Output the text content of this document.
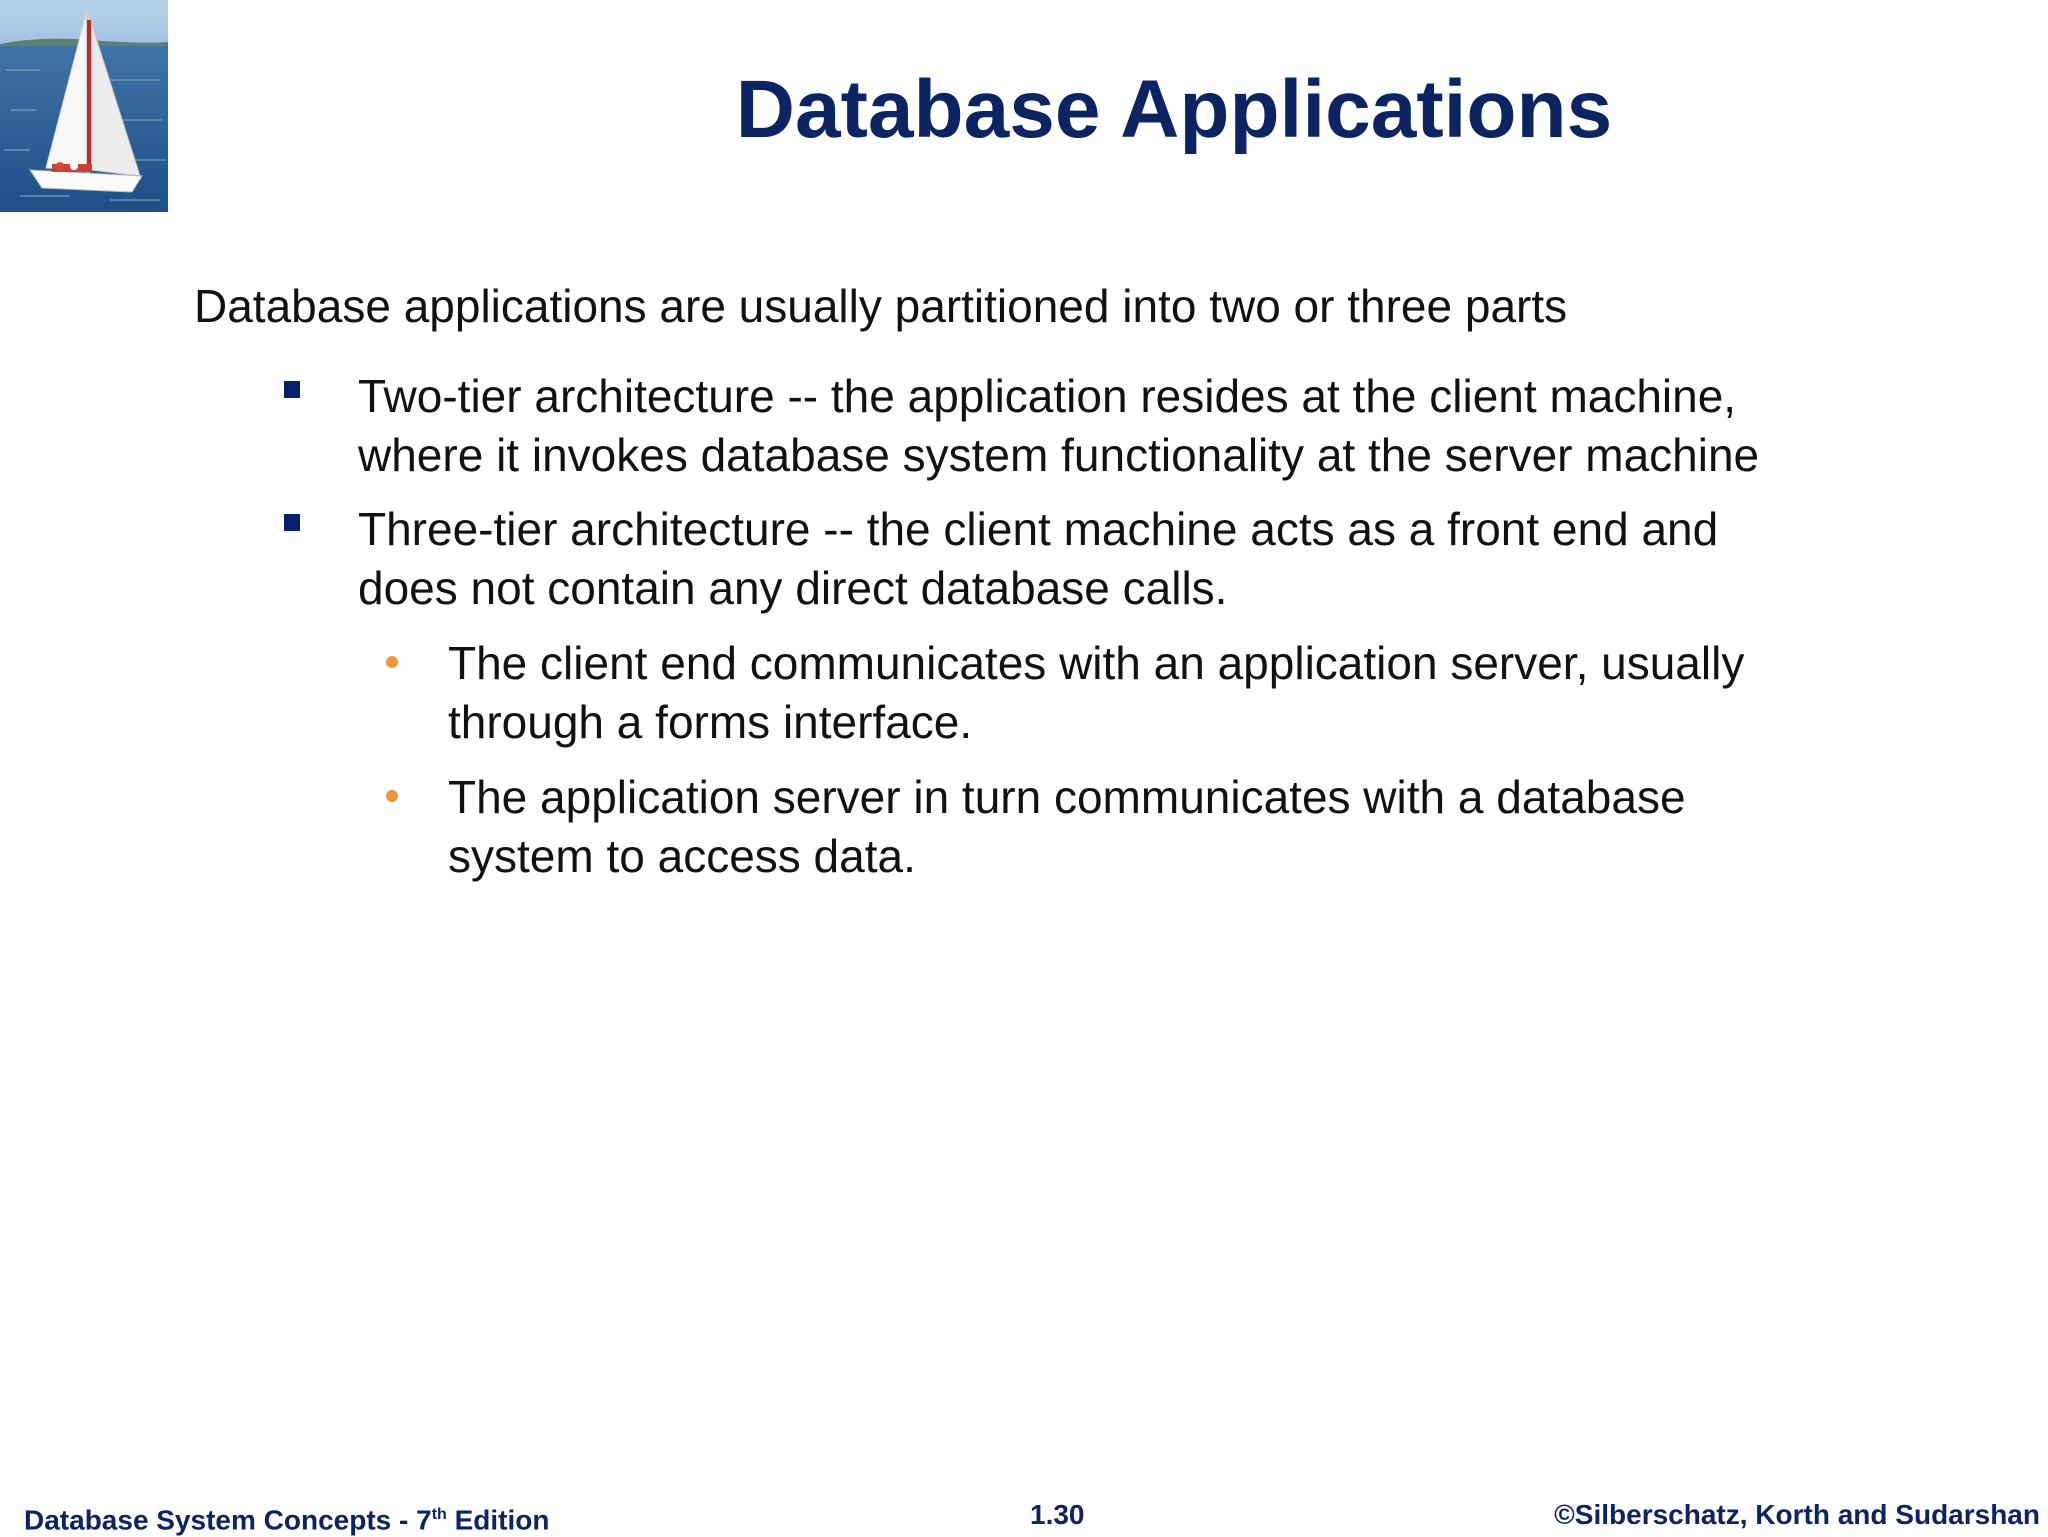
Database Applications
Database applications are usually partitioned into two or three parts
Two-tier architecture -- the application resides at the client machine,
where it invokes database system functionality at the server machine
Three-tier architecture -- the client machine acts as a front end and
does not contain any direct database calls.
The client end communicates with an application server, usually
through a forms interface.
The application server in turn communicates with a database
system to access data.
Database System Concepts - 7th Edition	1.30	©Silberschatz, Korth and Sudarshan
